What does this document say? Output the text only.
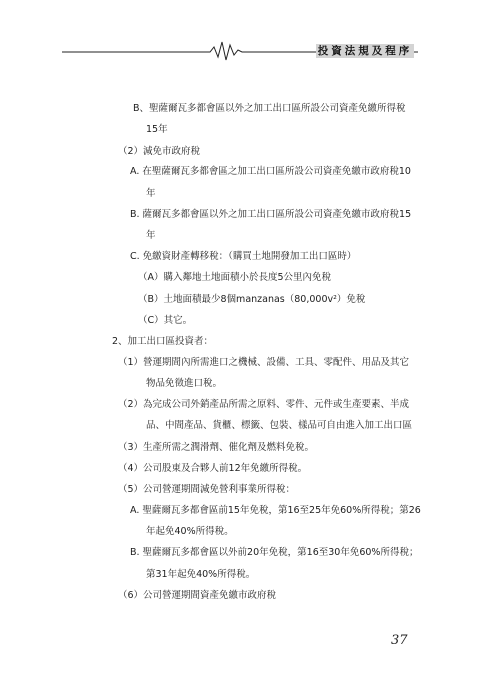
投資法規及程序
B、聖薩爾瓦多都會區以外之加工出口區所設公司資產免繳所得稅
15年
（2）減免市政府稅
A. 在聖薩爾瓦多都會區之加工出口區所設公司資產免繳市政府稅10
年
B. 薩爾瓦多都會區以外之加工出口區所設公司資產免繳市政府稅15
年
C. 免繳資財產轉移稅：（購買土地開發加工出口區時）
（A）購入鄰地土地面積小於長度5公里內免稅
（B）土地面積最少8個manzanas（80,000v²）免稅
（C）其它。
2、加工出口區投資者：
（1）營運期間內所需進口之機械、設備、工具、零配件、用品及其它
物品免徵進口稅。
（2）為完成公司外銷產品所需之原料、零件、元件或生產要素、半成
品、中間產品、貨櫃、標籤、包裝、樣品可自由進入加工出口區
（3）生產所需之潤滑劑、催化劑及燃料免稅。
（4）公司股東及合夥人前12年免繳所得稅。
（5）公司營運期間減免營利事業所得稅：
A. 聖薩爾瓦多都會區前15年免稅，第16至25年免60%所得稅；第26
年起免40%所得稅。
B. 聖薩爾瓦多都會區以外前20年免稅，第16至30年免60%所得稅；
第31年起免40%所得稅。
（6）公司營運期間資產免繳市政府稅
37
